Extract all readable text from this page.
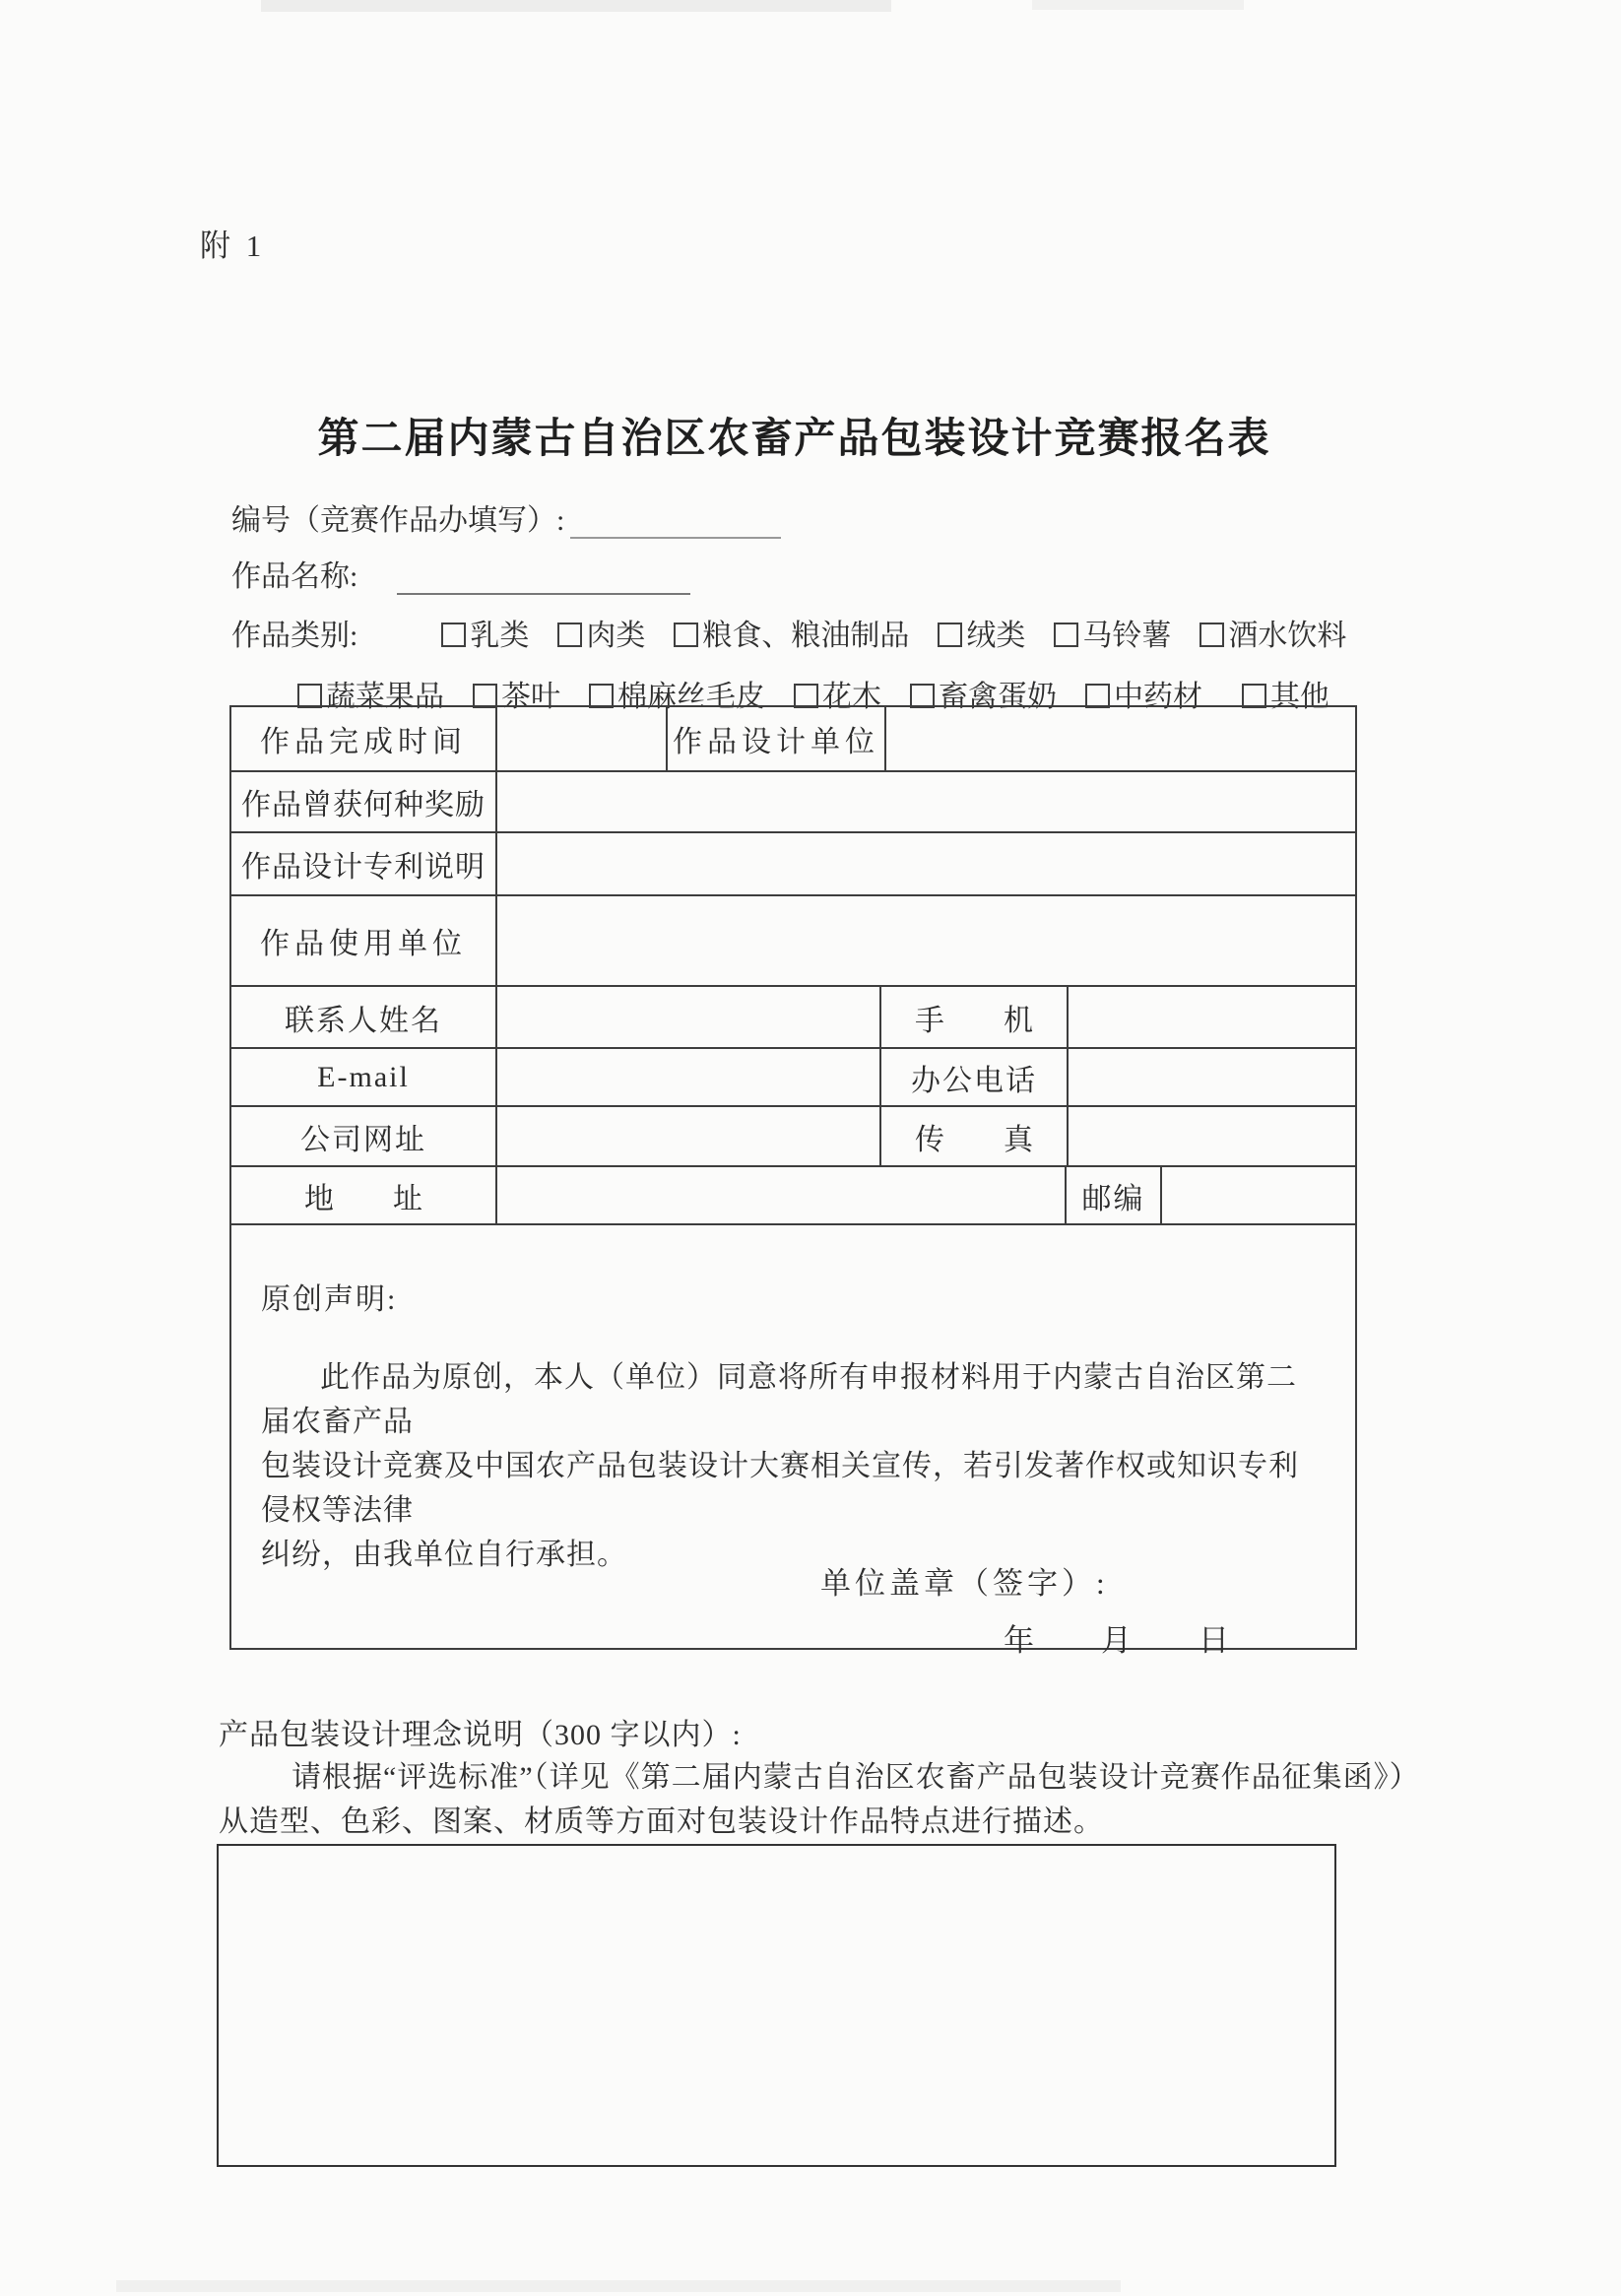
附 1
第二届内蒙古自治区农畜产品包装设计竞赛报名表
编号（竞赛作品办填写）:
作品名称:
作品类别:	乳类 肉类 粮食、粮油制品 绒类 马铃薯 酒水饮料
蔬菜果品 茶叶 棉麻丝毛皮 花木 畜禽蛋奶 中药材 其他
作品完成时间	作品设计单位
作品曾获何种奖励
作品设计专利说明
作品使用单位
联系人姓名	手　　机
E-mail	办公电话
公司网址	传　　真
地　　址	邮编
原创声明:
此作品为原创，本人（单位）同意将所有申报材料用于内蒙古自治区第二届农畜产品
包装设计竞赛及中国农产品包装设计大赛相关宣传，若引发著作权或知识专利侵权等法律
纠纷，由我单位自行承担。
单位盖章（签字）:
年　　月　　日
产品包装设计理念说明（300 字以内）:
请根据“评选标准”（详见《第二届内蒙古自治区农畜产品包装设计竞赛作品征集函》）
从造型、色彩、图案、材质等方面对包装设计作品特点进行描述。
